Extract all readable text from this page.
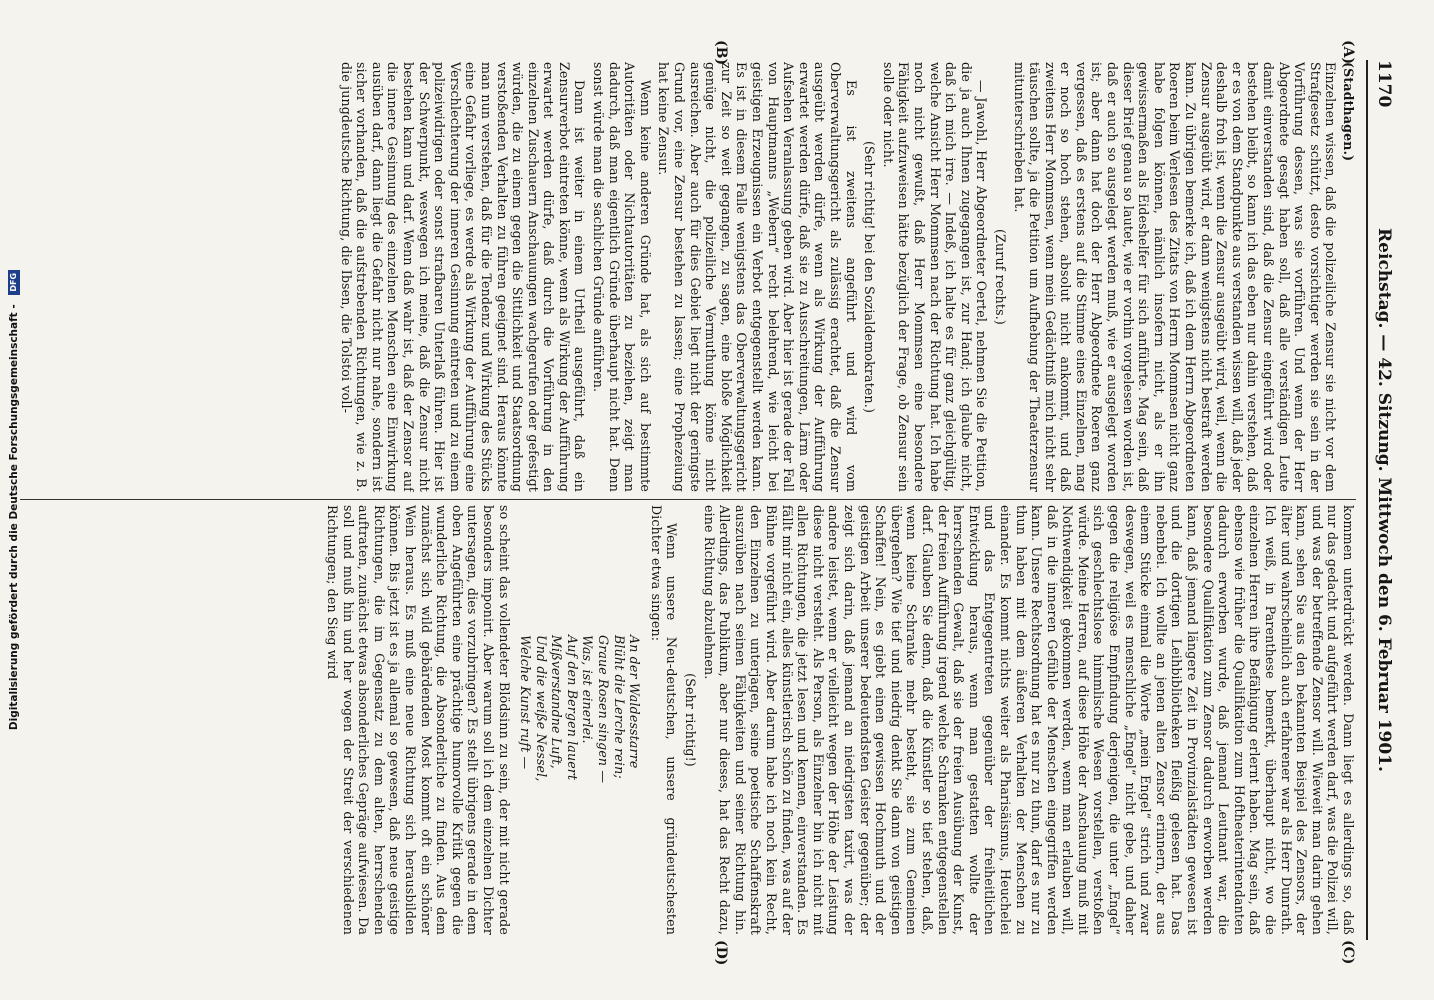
1170
Reichstag. — 42. Sitzung. Mittwoch den 6. Februar 1901.
(A)
(B)
(C)
(D)
(Stadthagen.)

Einzelnen wissen, daß die polizeiliche Zensur sie nicht vor dem Strafgesetz schützt, desto vorsichtiger werden sie sein in der Vorführung dessen, was sie vorführen. Und wenn der Herr Abgeordnete gesagt haben soll, daß alle verständigen Leute damit einverstanden sind, daß die Zensur eingeführt wird oder bestehen bleibt, so kann ich das eben nur dahin verstehen, daß er es von dem Standpunkte aus verstanden wissen will, daß jeder deshalb froh ist, wenn die Zensur ausgeübt wird, weil, wenn die Zensur ausgeübt wird, er dann wenigstens nicht bestraft werden kann. Zu übrigen bemerke ich, daß ich dem Herrn Abgeordneten Roeren beim Verlesen des Zitats von Herrn Mommsen nicht ganz habe folgen können, nämlich insofern nicht, als er ihn gewissermaßen als Eideshelfer für sich anführte. Mag sein, daß dieser Brief genau so lautet, wie er vorhin vorgelesen worden ist, daß er auch so ausgelegt werden muß, wie er ausgelegt worden ist; aber dann hat doch der Herr Abgeordnete Roeren ganz vergessen, daß es erstens auf die Stimme eines Einzelnen, mag er noch so hoch stehen, absolut nicht ankommt, und daß zweitens Herr Mommsen, wenn mein Gedächtniß mich nicht sehr täuschen sollte, ja die Petition um Aufhebung der Theaterzensur mitunterschrieben hat.

(Zuruf rechts.)

— Jawohl, Herr Abgeordneter Oertel, nehmen Sie die Petition, die ja auch Ihnen zugegangen ist, zur Hand; ich glaube nicht, daß ich mich irre. — Indeß, ich halte es für ganz gleichgültig, welche Ansicht Herr Mommsen nach der Richtung hat. Ich habe noch nicht gewußt, daß Herr Mommsen eine besondere Fähigkeit aufzuweisen hätte bezüglich der Frage, ob Zensur sein solle oder nicht.

(Sehr richtig! bei den Sozialdemokraten.)

Es ist zweitens angeführt und wird vom Oberverwaltungsgericht als zulässig erachtet, daß die Zensur ausgeübt werden dürfe, wenn als Wirkung der Aufführung erwartet werden dürfe, daß sie zu Ausschreitungen, Lärm oder Aufsehen Veranlassung geben wird. Aber hier ist gerade der Fall von Hauptmanns „Webern“ recht belehrend, wie leicht bei geistigen Erzeugnissen ein Verbot entgegenstellt werden kann. Es ist in diesem Falle wenigstens das Oberverwaltungsgericht zur Zeit so weit gegangen, zu sagen, eine bloße Möglichkeit genüge nicht, die polizeiliche Vermuthung könne nicht ausreichen. Aber auch für dies Gebiet liegt nicht der geringste Grund vor, eine Zensur bestehen zu lassen; eine Prophezeiung hat keine Zensur.

Wenn keine anderen Gründe hat, als sich auf bestimmte Autoritäten oder Nichtautoritäten zu beziehen, zeigt man dadurch, daß man eigentlich Gründe überhaupt nicht hat. Denn sonst würde man die sachlichen Gründe anführen.

Dann ist weiter in einem Urtheil ausgeführt, daß ein Zensurverbot eintreten könne, wenn als Wirkung der Aufführung erwartet werden dürfe, daß durch die Vorführung in den einzelnen Zuschauern Anschauungen wachgerufen oder gefestigt würden, die zu einem gegen die Sittlichkeit und Staatsordnung verstoßenden Verhalten zu führen geeignet sind. Heraus könnte man nun verstehen, daß für die Tendenz und Wirkung des Stücks eine Gefahr vorliege, es werde als Wirkung der Aufführung eine Verschlechterung der inneren Gesinnung eintreten und zu einem polizeiwidrigen oder sonst strafbaren Unterlaß führen. Hier ist der Schwerpunkt, weswegen ich meine, daß die Zensur nicht bestehen kann und darf. Wenn daß wahr ist, daß der Zensor auf die innere Gesinnung des einzelnen Menschen eine Einwirkung ausüben darf, dann liegt die Gefahr nicht nur nahe, sondern ist sicher vorhanden, daß die aufstrebenden Richtungen, wie z. B. die jungdeutsche Richtung, die Ibsen, die Tolstoi voll-

kommen unterdrückt werden. Dann liegt es allerdings so, daß nur das gedacht und aufgeführt werden darf, was die Polizei will, und was der betreffende Zensor will. Wieweit man darin gehen kann, sehen Sie aus den bekannten Beispiel des Zensors, der älter und wahrscheinlich auch erfahrener war als Herr Dunrath. Ich weiß, in Parenthese bemerkt, überhaupt nicht, wo die einzelnen Herren ihre Befähigung erlernt haben. Mag sein, daß ebenso wie früher die Qualifikation zum Hoftheaterintendanten dadurch erworben wurde, daß jemand Leutnant war, die besondere Qualifikation zum Zensor dadurch erworben werden kann, daß jemand längere Zeit in Provinzialstädten gewesen ist und die dortigen Leihbibliotheken fleißig gelesen hat. Das nebenbei. Ich wollte an jenen alten Zensor erinnern, der aus einem Stücke einmal die Worte „mein Engel“ strich und zwar deswegen, weil es menschliche „Engel“ nicht gebe, und daher gegen die religiöse Empfindung derjenigen, die unter „Engel“ sich geschlechtslose himmlische Wesen vorstellen, verstoßen würde. Meine Herren, auf diese Höhe der Anschauung muß mit Nothwendigkeit gekommen werden, wenn man erlauben will, daß in die inneren Gefühle der Menschen eingegriffen werden kann. Unsere Rechtsordnung hat es nur zu thun, darf es nur zu thun haben mit dem äußeren Verhalten der Menschen zu einander. Es kommt nichts weiter als Pharisäismus, Heuchelei und das Entgegentreten gegenüber der freiheitlichen Entwicklung heraus, wenn man gestatten wollte der herrschenden Gewalt, daß sie der freien Ausübung der Kunst, der freien Aufführung irgend welche Schranken entgegenstellen darf. Glauben Sie denn, daß die Künstler so tief stehen, daß, wenn keine Schranke mehr besteht, sie zum Gemeinen übergehen? Wie tief und niedrig denkt Sie dann von geistigen Schaffen! Nein, es giebt einen gewissen Hochmuth und der geistigen Arbeit unserer bedeutendsten Geister gegenüber; der zeigt sich darin, daß jemand an niedrigsten taxirt, was der andere leistet, wenn er vielleicht wegen der Höhe der Leistung diese nicht versteht. Als Person, als Einzelner bin ich nicht mit allen Richtungen, die jetzt lesen und kennen, einverstanden. Es fällt mir nicht ein, alles künstlerisch schön zu finden, was auf der Bühne vorgeführt wird. Aber darum habe ich noch kein Recht, den Einzelnen zu unterjagen, seine poetische Schaffenskraft auszuüben nach seinen Fähigkeiten und seiner Richtung hin. Allerdings, das Publikum, aber nur dieses, hat das Recht dazu, eine Richtung abzulehnen.

(Sehr richtig!)

Wenn unsere Neu-deutschen, unsere gründeutschesten Dichter etwa singen:

An der Waldesstarre
Blüht die Lerche rein;
Graue Rosen singen —
Was, ist einerlei.
Auf den Bergen lauert
Mißverstandne Luft,
Und die weiße Nessel,
Welche Kunst ruft —

so scheint das vollendeter Blödsinn zu sein, der mit nicht gerade besonders imponirt. Aber warum soll ich dem einzelnen Dichter untersagen, dies vorzubringen? Es stellt übrigens gerade in dem oben Angeführten eine prächtige humorvolle Kritik gegen die wunderliche Richtung, die Absonderliche zu finden. Aus dem zunächst sich wild gebärdenden Most kommt oft ein schöner Wein heraus. Es muß eine neue Richtung sich herausbilden können. Bis jetzt ist es ja allemal so gewesen, daß neue geistige Richtungen, die im Gegensatz zu dem alten, herrschenden auftraten, zunächst etwas absonderliches Gepräge aufwiesen. Da soll und muß hin und her wogen der Streit der verschiedenen Richtungen; den Sieg wird

Digitalisierung gefördert durch die Deutsche Forschungsgemeinschaft - DFG
